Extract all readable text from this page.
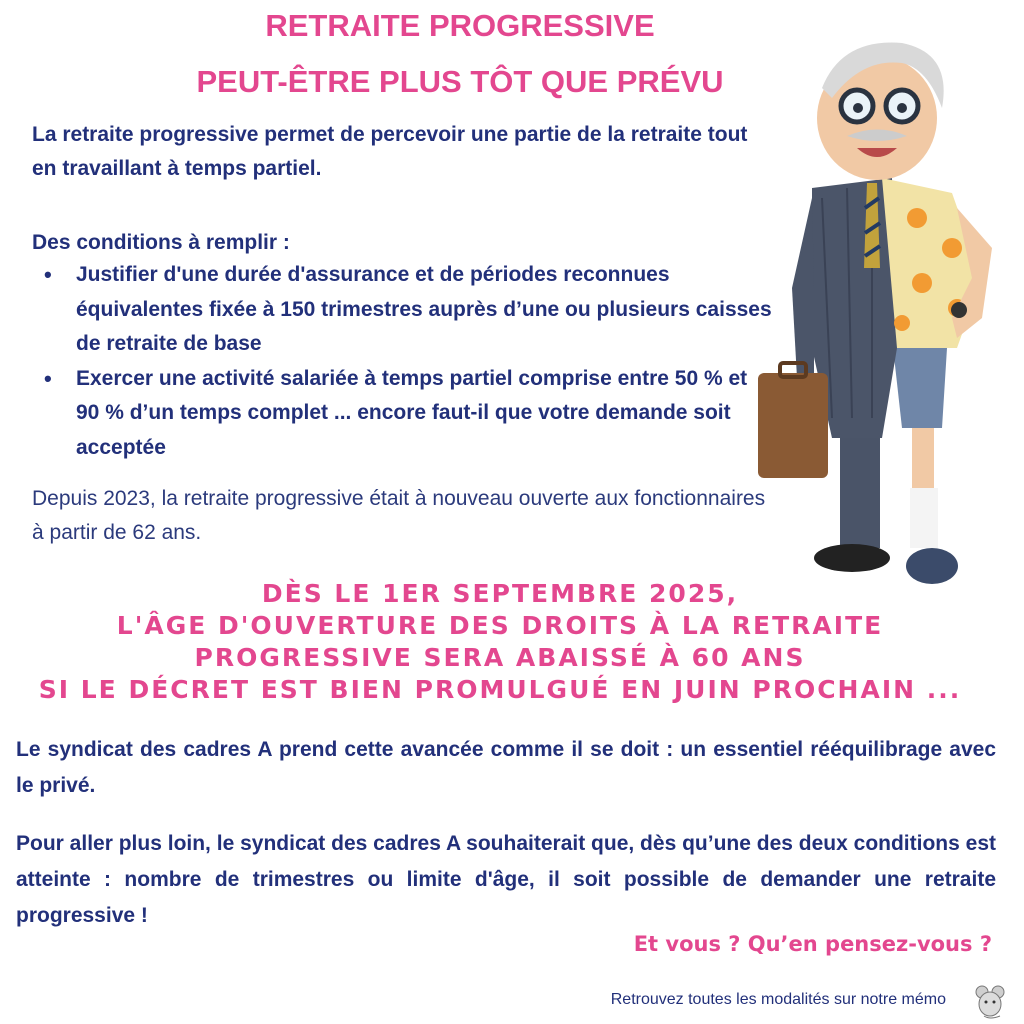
RETRAITE PROGRESSIVE
PEUT-ÊTRE PLUS TÔT QUE PRÉVU

La retraite progressive permet de percevoir une partie de la retraite tout en travaillant à temps partiel.

Des conditions à remplir :

• Justifier d'une durée d'assurance et de périodes reconnues équivalentes fixée à 150 trimestres auprès d’une ou plusieurs caisses de retraite de base
• Exercer une activité salariée à temps partiel comprise entre 50 % et 90 % d’un temps complet ... encore faut-il que votre demande soit acceptée

Depuis 2023, la retraite progressive était à nouveau ouverte aux fonctionnaires à partir de 62 ans.

DÈS LE 1ER SEPTEMBRE 2025,
L'ÂGE D'OUVERTURE DES DROITS À LA RETRAITE
PROGRESSIVE SERA ABAISSÉ À 60 ANS
SI LE DÉCRET EST BIEN PROMULGUÉ EN JUIN PROCHAIN ...

Le syndicat des cadres A prend cette avancée comme il se doit : un essentiel rééquilibrage avec le privé.

Pour aller plus loin, le syndicat des cadres A souhaiterait que, dès qu’une des deux conditions est atteinte : nombre de trimestres ou limite d'âge, il soit possible de demander une retraite progressive !

Et vous ? Qu’en pensez-vous ?
Retrouvez toutes les modalités sur notre mémo
